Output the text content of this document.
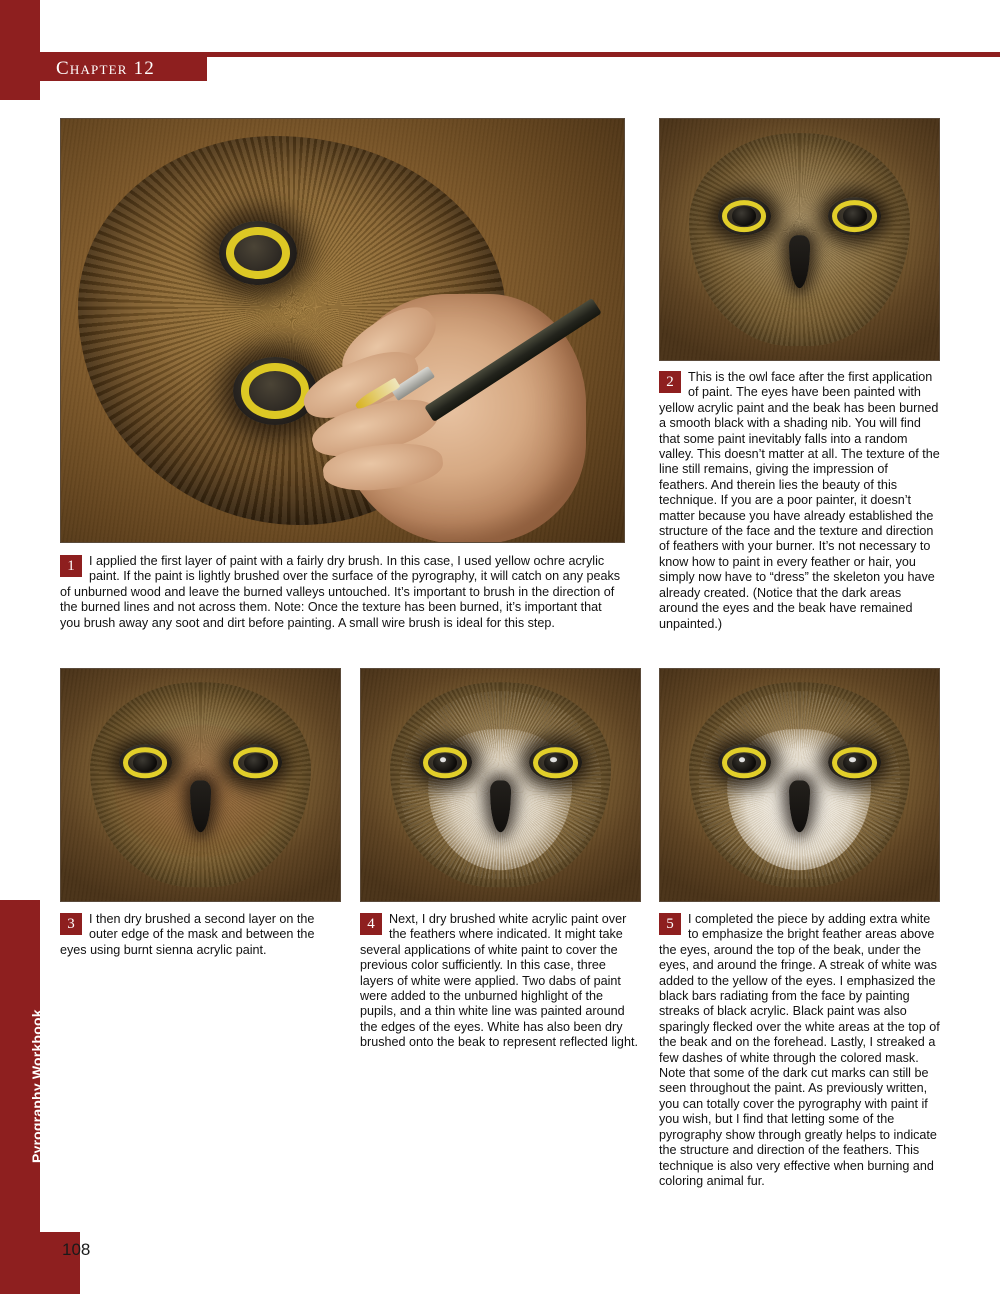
Chapter 12
1	I applied the first layer of paint with a fairly dry brush. In this case, I used yellow ochre acrylic paint. If the paint is lightly brushed over the surface of the pyrography, it will catch on any peaks of unburned wood and leave the burned valleys untouched. It’s important to brush in the direction of the burned lines and not across them. Note: Once the texture has been burned, it’s important that you brush away any soot and dirt before painting. A small wire brush is ideal for this step.

2	This is the owl face after the first application of paint. The eyes have been painted with yellow acrylic paint and the beak has been burned a smooth black with a shading nib. You will find that some paint inevitably falls into a random valley. This doesn’t matter at all. The texture of the line still remains, giving the impression of feathers. And therein lies the beauty of this technique. If you are a poor painter, it doesn’t matter because you have already established the structure of the face and the texture and direction of feathers with your burner. It’s not necessary to know how to paint in every feather or hair, you simply now have to “dress” the skeleton you have already created. (Notice that the dark areas around the eyes and the beak have remained unpainted.)

3	I then dry brushed a second layer on the outer edge of the mask and between the eyes using burnt sienna acrylic paint.

4	Next, I dry brushed white acrylic paint over the feathers where indicated. It might take several applications of white paint to cover the previous color sufficiently. In this case, three layers of white were applied. Two dabs of paint were added to the unburned highlight of the pupils, and a thin white line was painted around the edges of the eyes. White has also been dry brushed onto the beak to represent reflected light.

5	I completed the piece by adding extra white to emphasize the bright feather areas above the eyes, around the top of the beak, under the eyes, and around the fringe. A streak of white was added to the yellow of the eyes. I emphasized the black bars radiating from the face by painting streaks of black acrylic. Black paint was also sparingly flecked over the white areas at the top of the beak and on the forehead. Lastly, I streaked a few dashes of white through the colored mask. Note that some of the dark cut marks can still be seen throughout the paint. As previously written, you can totally cover the pyrography with paint if you wish, but I find that letting some of the pyrography show through greatly helps to indicate the structure and direction of the feathers. This technique is also very effective when burning and coloring animal fur.

108
Pyrography Workbook
